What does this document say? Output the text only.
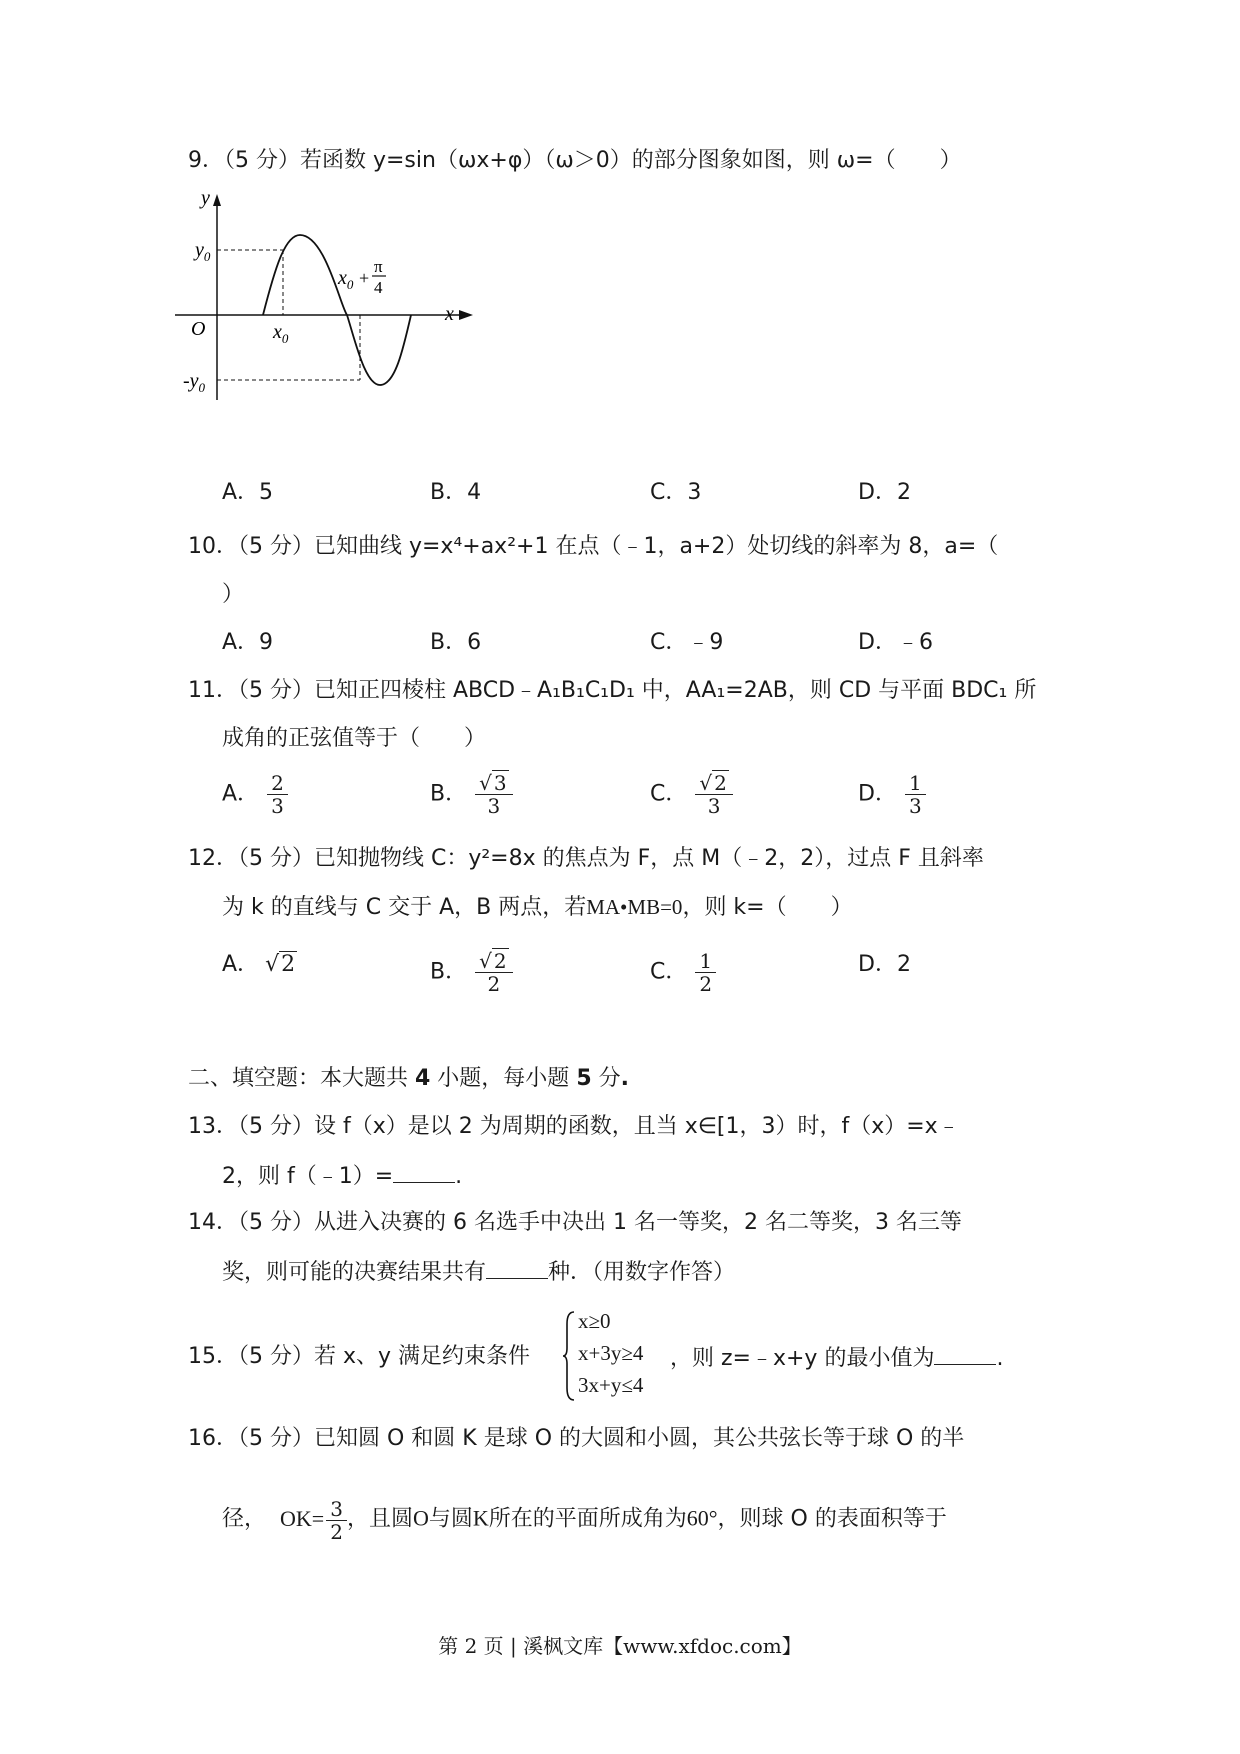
9．（5 分）若函数 y=sin（ωx+φ）（ω＞0）的部分图象如图，则 ω=（　　）
y
x
O
$y_0$
$-y_0$
$x_0$
$x_0$ +
π
4
A．5	B．4	C．3	D．2
10．（5 分）已知曲线 y=x⁴+ax²+1 在点（﹣1，a+2）处切线的斜率为 8，a=（
）
A．9	B．6	C．﹣9	D．﹣6
11．（5 分）已知正四棱柱 ABCD﹣A₁B₁C₁D₁ 中，AA₁=2AB，则 CD 与平面 BDC₁ 所
成角的正弦值等于（　　）
A． $\frac{2}{3}$	B． $\frac{√ 3}{3}$	C． $\frac{√ 2}{3}$	D． $\frac{1}{3}$
12．（5 分）已知抛物线 C：y²=8x 的焦点为 F，点 M（﹣2，2），过点 F 且斜率
为 k 的直线与 C 交于 A，B 两点，若MA•MB=0，则 k=（　　）
A． √2	B． $\frac{√ 2}{2}$	C． $\frac{1}{2}$	D．2
二、填空题：本大题共 4 小题，每小题 5 分.
13．（5 分）设 f（x）是以 2 为周期的函数，且当 x∈[1，3）时，f（x）=x﹣
2，则 f（﹣1）=	.
14．（5 分）从进入决赛的 6 名选手中决出 1 名一等奖，2 名二等奖，3 名三等
奖，则可能的决赛结果共有	种．（用数字作答）
15．（5 分）若 x、y 满足约束条件
x≥0
x+3y≥4
3x+y≤4
，则 z=﹣x+y 的最小值为	.
16．（5 分）已知圆 O 和圆 K 是球 O 的大圆和小圆，其公共弦长等于球 O 的半
径， $OK= \frac{3}{2}$ ，且圆O与圆K所在的平面所成角为60°，则球 O 的表面积等于
第 2 页 | 溪枫文库【www.xfdoc.com】
